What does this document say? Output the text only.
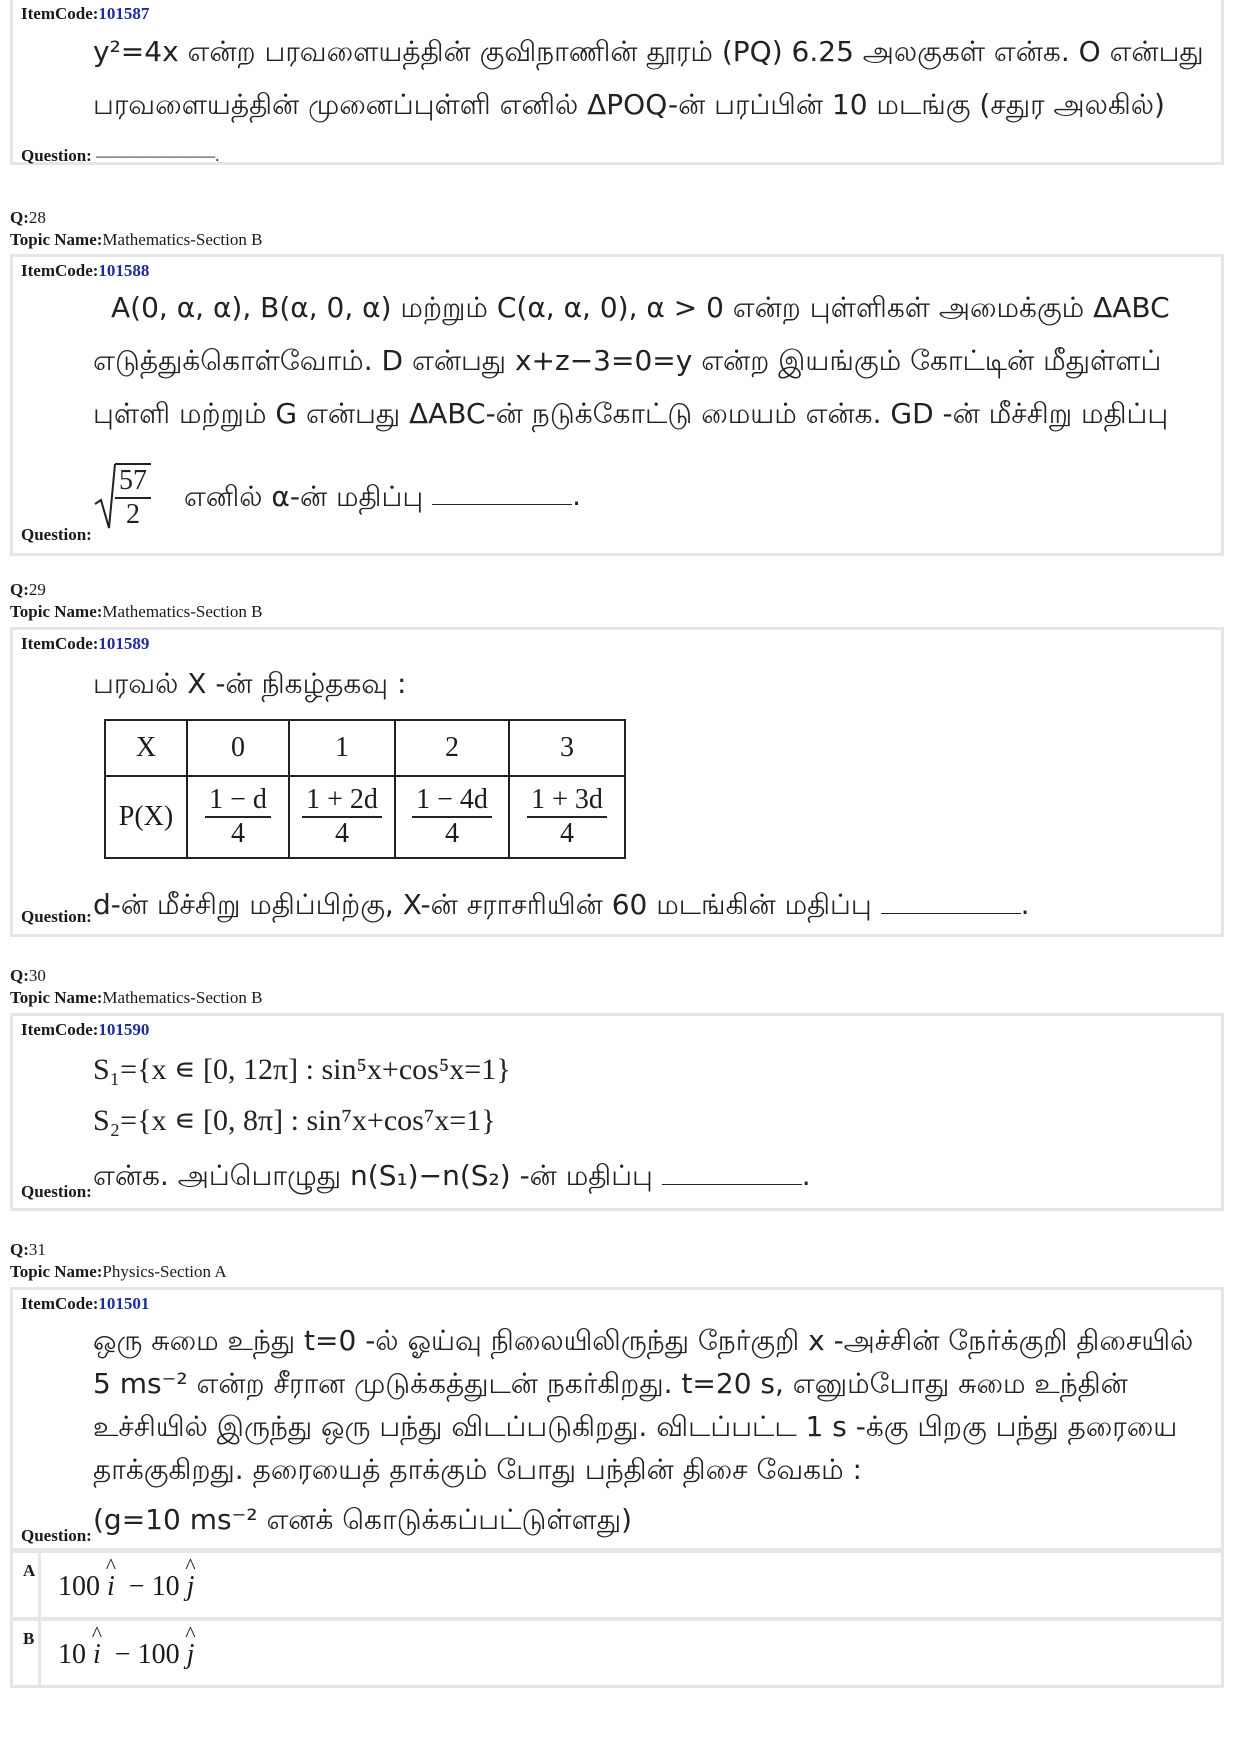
ItemCode:101587
y²=4x என்ற பரவளையத்தின் குவிநாணின் தூரம் (PQ) 6.25 அலகுகள் என்க. O என்பது
பரவளையத்தின் முனைப்புள்ளி எனில் ΔPOQ-ன் பரப்பின் 10 மடங்கு (சதுர அலகில்)
Question: ———————.
Q:28
Topic Name:Mathematics-Section B
ItemCode:101588
A(0, α, α), B(α, 0, α) மற்றும் C(α, α, 0), α > 0 என்ற புள்ளிகள் அமைக்கும் ΔABC
எடுத்துக்கொள்வோம். D என்பது x+z−3=0=y என்ற இயங்கும் கோட்டின் மீதுள்ளப்
புள்ளி மற்றும் G என்பது ΔABC-ன் நடுக்கோட்டு மையம் என்க. GD -ன் மீச்சிறு மதிப்பு
$\frac{57}{2}$ எனில் α-ன் மதிப்பு	.
Question:
Q:29
Topic Name:Mathematics-Section B
ItemCode:101589
பரவல் X -ன் நிகழ்தகவு :
X	0	1	2	3
P(X)	$\frac{1 - d}{4}$	$\frac{1 + 2d}{4}$	$\frac{1 - 4d}{4}$	$\frac{1 + 3d}{4}$
d-ன் மீச்சிறு மதிப்பிற்கு, X-ன் சராசரியின் 60 மடங்கின் மதிப்பு	.
Question:
Q:30
Topic Name:Mathematics-Section B
ItemCode:101590
S₁={x ∊ [0, 12π] : sin⁵x+cos⁵x=1}
S₂={x ∊ [0, 8π] : sin⁷x+cos⁷x=1}
என்க. அப்பொழுது n(S₁)−n(S₂) -ன் மதிப்பு	.
Question:
Q:31
Topic Name:Physics-Section A
ItemCode:101501
ஒரு சுமை உந்து t=0 -ல் ஓய்வு நிலையிலிருந்து நேர்குறி x -அச்சின் நேர்க்குறி திசையில்
5 ms⁻² என்ற சீரான முடுக்கத்துடன் நகர்கிறது. t=20 s, எனும்போது சுமை உந்தின்
உச்சியில் இருந்து ஒரு பந்து விடப்படுகிறது. விடப்பட்ட 1 s -க்கு பிறகு பந்து தரையை
தாக்குகிறது. தரையைத் தாக்கும் போது பந்தின் திசை வேகம் :
(g=10 ms⁻² எனக் கொடுக்கப்பட்டுள்ளது)
Question:
A
100 ^ i − 10 ^ j
B
10 ^ i − 100 ^ j
